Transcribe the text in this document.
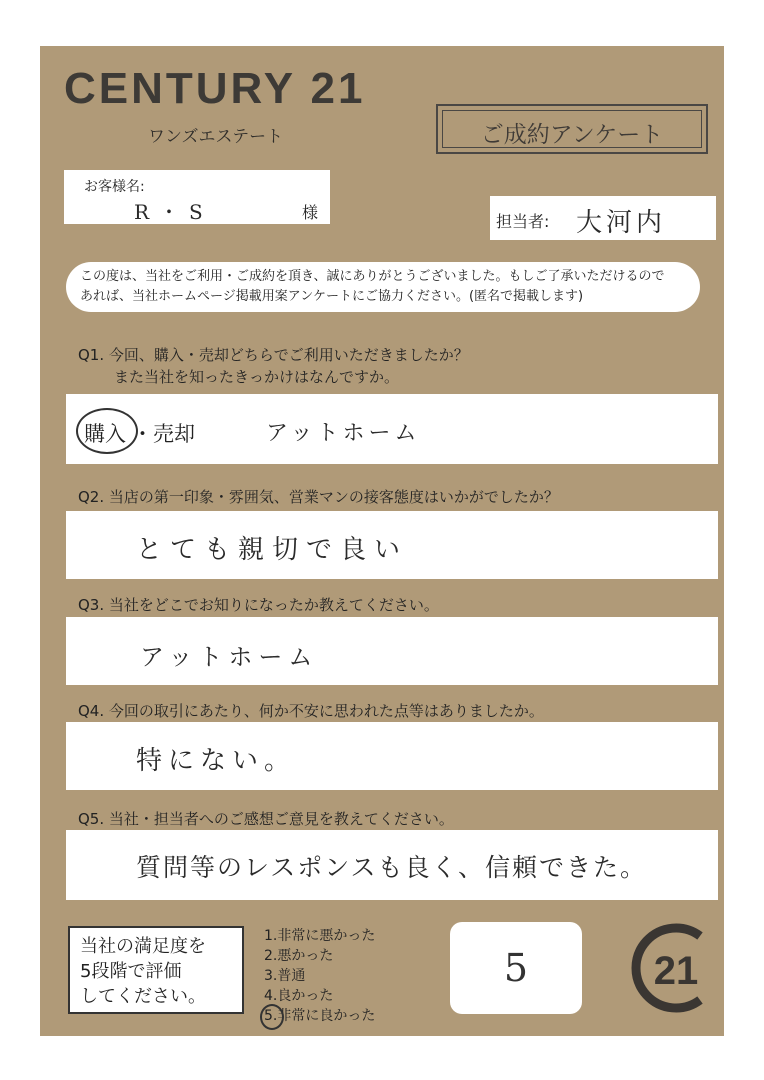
CENTURY 21
ワンズエステート	ご成約アンケート
お客様名:
R・S	様	担当者: 大河内
この度は、当社をご利用・ご成約を頂き、誠にありがとうございました。もしご了承いただけるので
あれば、当社ホームページ掲載用案アンケートにご協力ください。(匿名で掲載します)
Q1. 今回、購入・売却どちらでご利用いただきましたか？
また当社を知ったきっかけはなんですか。
購入 ・売却	アットホーム
Q2. 当店の第一印象・雰囲気、営業マンの接客態度はいかがでしたか？
とても親切で良い
Q3. 当社をどこでお知りになったか教えてください。
アットホーム
Q4. 今回の取引にあたり、何か不安に思われた点等はありましたか。
特にない。
Q5. 当社・担当者へのご感想ご意見を教えてください。
質問等のレスポンスも良く、信頼できた。
当社の満足度を
5段階で評価
してください。
1.非常に悪かった
2.悪かった
3.普通
4.良かった
5.非常に良かった
5	21
